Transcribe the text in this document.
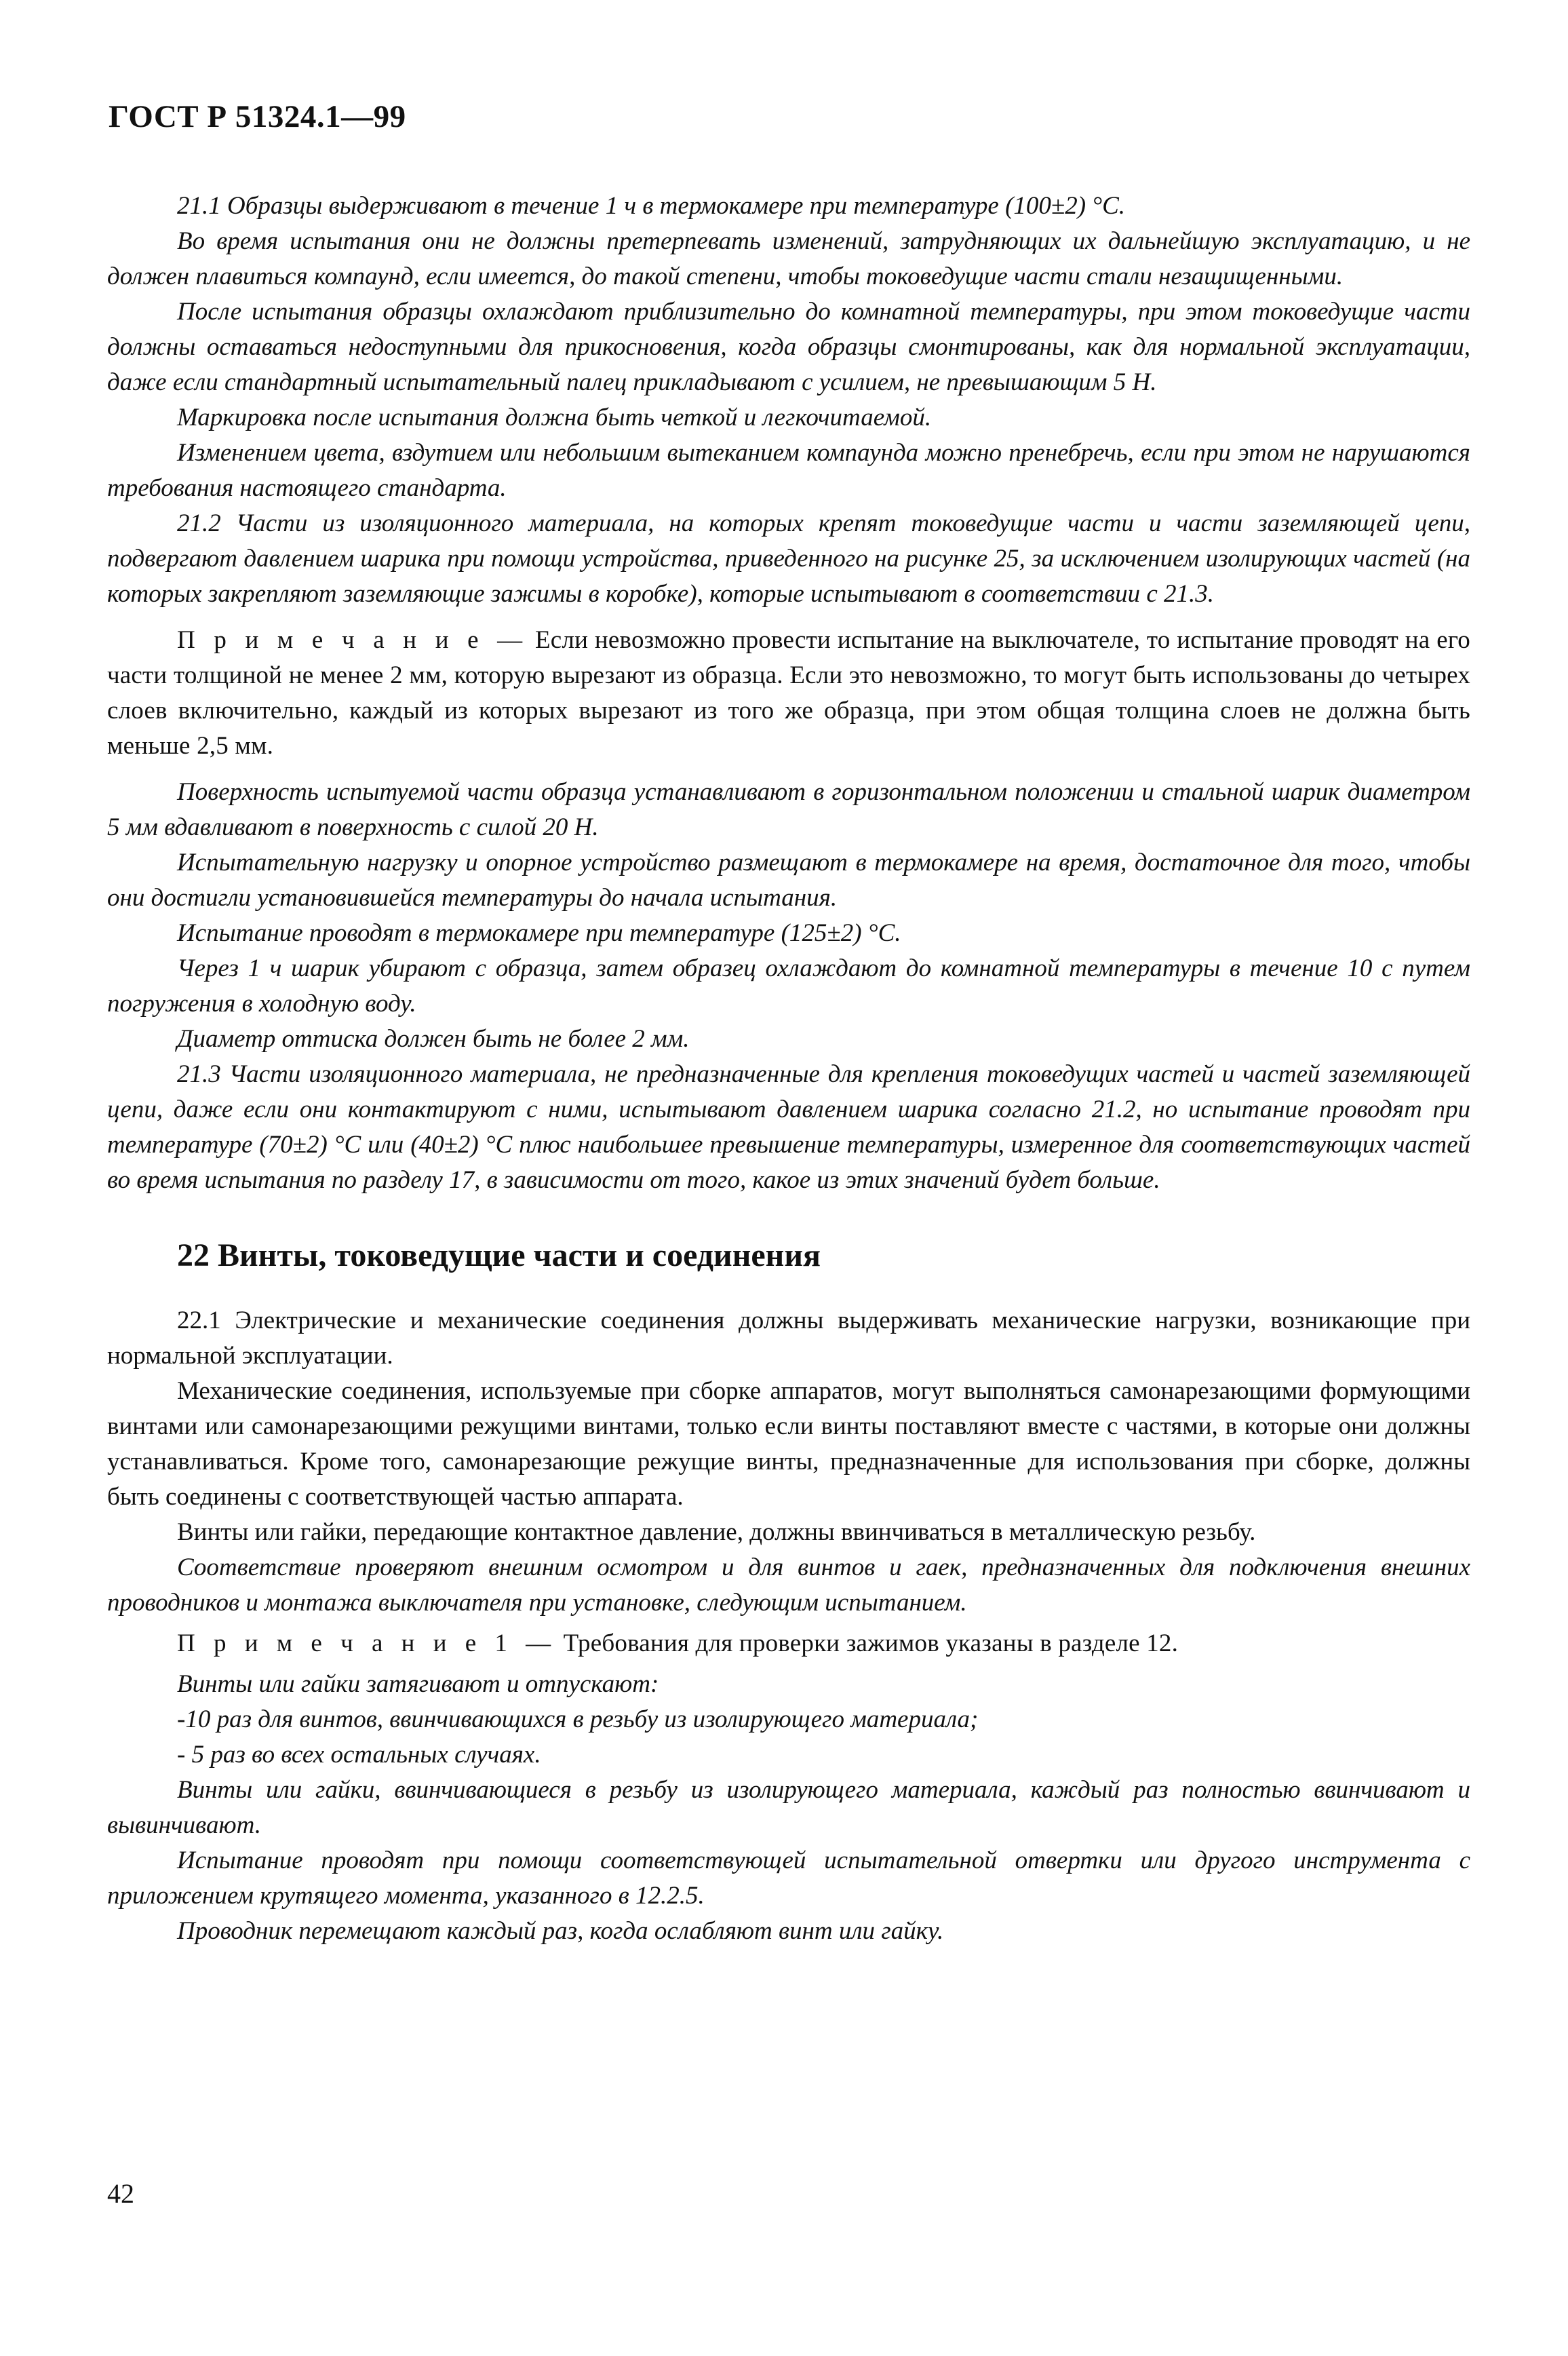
ГОСТ Р 51324.1—99

21.1 Образцы выдерживают в течение 1 ч в термокамере при температуре (100±2) °С.

Во время испытания они не должны претерпевать изменений, затрудняющих их дальнейшую эксплуатацию, и не должен плавиться компаунд, если имеется, до такой степени, чтобы токоведущие части стали незащищенными.

После испытания образцы охлаждают приблизительно до комнатной температуры, при этом токоведущие части должны оставаться недоступными для прикосновения, когда образцы смонтированы, как для нормальной эксплуатации, даже если стандартный испытательный палец прикладывают с усилием, не превышающим 5 Н.

Маркировка после испытания должна быть четкой и легкочитаемой.

Изменением цвета, вздутием или небольшим вытеканием компаунда можно пренебречь, если при этом не нарушаются требования настоящего стандарта.

21.2 Части из изоляционного материала, на которых крепят токоведущие части и части заземляющей цепи, подвергают давлением шарика при помощи устройства, приведенного на рисунке 25, за исключением изолирующих частей (на которых закрепляют заземляющие зажимы в коробке), которые испытывают в соответствии с 21.3.

П р и м е ч а н и е — Если невозможно провести испытание на выключателе, то испытание проводят на его части толщиной не менее 2 мм, которую вырезают из образца. Если это невозможно, то могут быть использованы до четырех слоев включительно, каждый из которых вырезают из того же образца, при этом общая толщина слоев не должна быть меньше 2,5 мм.

Поверхность испытуемой части образца устанавливают в горизонтальном положении и стальной шарик диаметром 5 мм вдавливают в поверхность с силой 20 Н.

Испытательную нагрузку и опорное устройство размещают в термокамере на время, достаточное для того, чтобы они достигли установившейся температуры до начала испытания.

Испытание проводят в термокамере при температуре (125±2) °С.

Через 1 ч шарик убирают с образца, затем образец охлаждают до комнатной температуры в течение 10 с путем погружения в холодную воду.

Диаметр оттиска должен быть не более 2 мм.

21.3 Части изоляционного материала, не предназначенные для крепления токоведущих частей и частей заземляющей цепи, даже если они контактируют с ними, испытывают давлением шарика согласно 21.2, но испытание проводят при температуре (70±2) °С или (40±2) °С плюс наибольшее превышение температуры, измеренное для соответствующих частей во время испытания по разделу 17, в зависимости от того, какое из этих значений будет больше.

22 Винты, токоведущие части и соединения

22.1 Электрические и механические соединения должны выдерживать механические нагрузки, возникающие при нормальной эксплуатации.

Механические соединения, используемые при сборке аппаратов, могут выполняться самонарезающими формующими винтами или самонарезающими режущими винтами, только если винты поставляют вместе с частями, в которые они должны устанавливаться. Кроме того, самонарезающие режущие винты, предназначенные для использования при сборке, должны быть соединены с соответствующей частью аппарата.

Винты или гайки, передающие контактное давление, должны ввинчиваться в металлическую резьбу.

Соответствие проверяют внешним осмотром и для винтов и гаек, предназначенных для подключения внешних проводников и монтажа выключателя при установке, следующим испытанием.

П р и м е ч а н и е 1 — Требования для проверки зажимов указаны в разделе 12.

Винты или гайки затягивают и отпускают:

-10 раз для винтов, ввинчивающихся в резьбу из изолирующего материала;

- 5 раз во всех остальных случаях.

Винты или гайки, ввинчивающиеся в резьбу из изолирующего материала, каждый раз полностью ввинчивают и вывинчивают.

Испытание проводят при помощи соответствующей испытательной отвертки или другого инструмента с приложением крутящего момента, указанного в 12.2.5.

Проводник перемещают каждый раз, когда ослабляют винт или гайку.

42
